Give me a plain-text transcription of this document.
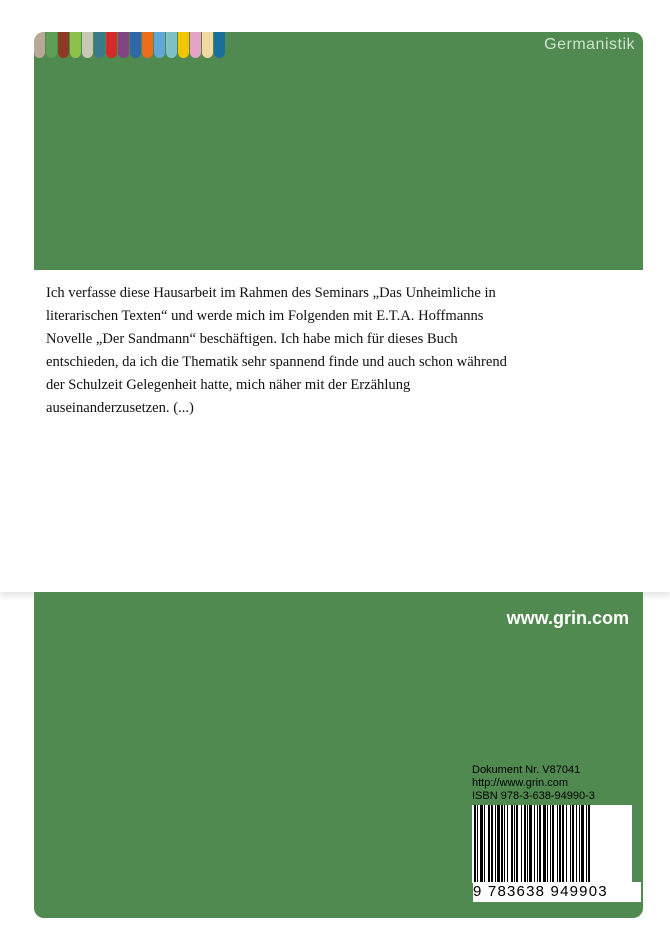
Germanistik

Ich verfasse diese Hausarbeit im Rahmen des Seminars „Das Unheimliche in
literarischen Texten“ und werde mich im Folgenden mit E.T.A. Hoffmanns
Novelle „Der Sandmann“ beschäftigen. Ich habe mich für dieses Buch
entschieden, da ich die Thematik sehr spannend finde und auch schon während
der Schulzeit Gelegenheit hatte, mich näher mit der Erzählung
auseinanderzusetzen. (...)

www.grin.com
Dokument Nr. V87041
http://www.grin.com
ISBN 978-3-638-94990-3
9 783638 949903
